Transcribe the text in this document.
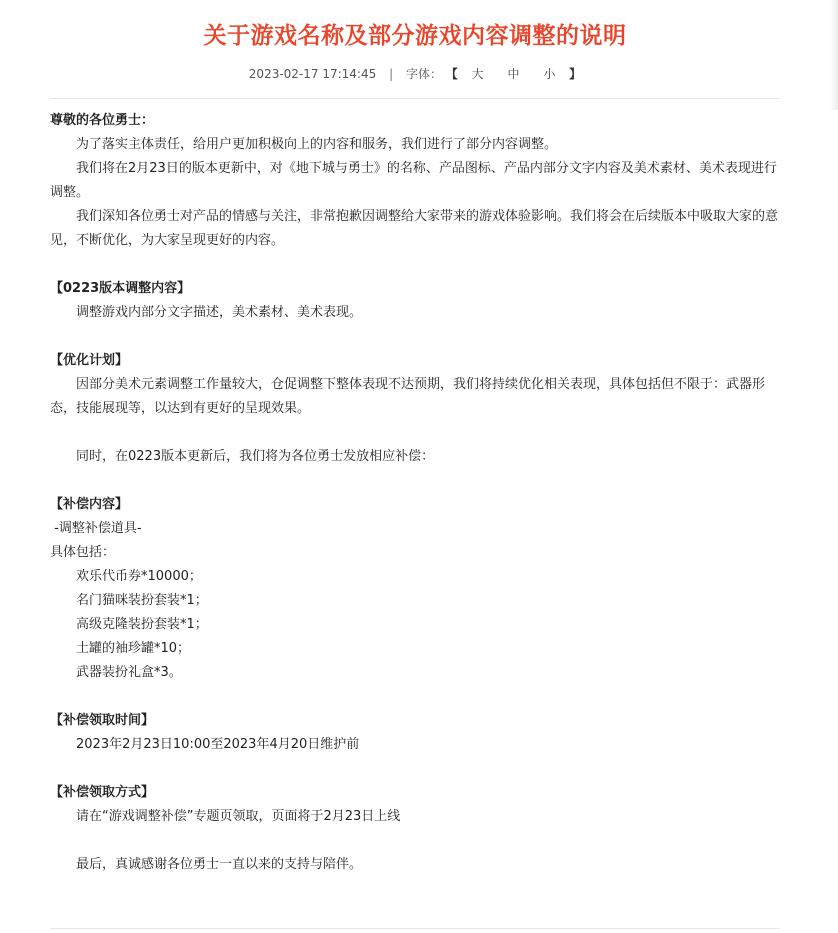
关于游戏名称及部分游戏内容调整的说明
2023-02-17 17:14:45 | 字体： 【 大 中 小 】

尊敬的各位勇士：

为了落实主体责任，给用户更加积极向上的内容和服务，我们进行了部分内容调整。

我们将在2月23日的版本更新中，对《地下城与勇士》的名称、产品图标、产品内部分文字内容及美术素材、美术表现进行调整。

我们深知各位勇士对产品的情感与关注，非常抱歉因调整给大家带来的游戏体验影响。我们将会在后续版本中吸取大家的意见，不断优化，为大家呈现更好的内容。

【0223版本调整内容】

调整游戏内部分文字描述，美术素材、美术表现。

【优化计划】

因部分美术元素调整工作量较大，仓促调整下整体表现不达预期，我们将持续优化相关表现，具体包括但不限于：武器形态，技能展现等，以达到有更好的呈现效果。

同时，在0223版本更新后，我们将为各位勇士发放相应补偿：

【补偿内容】

-调整补偿道具-

具体包括：

欢乐代币券*10000；

名门猫咪装扮套装*1；

高级克隆装扮套装*1；

土罐的袖珍罐*10；

武器装扮礼盒*3。

【补偿领取时间】

2023年2月23日10:00至2023年4月20日维护前

【补偿领取方式】

请在“游戏调整补偿”专题页领取，页面将于2月23日上线

最后，真诚感谢各位勇士一直以来的支持与陪伴。
